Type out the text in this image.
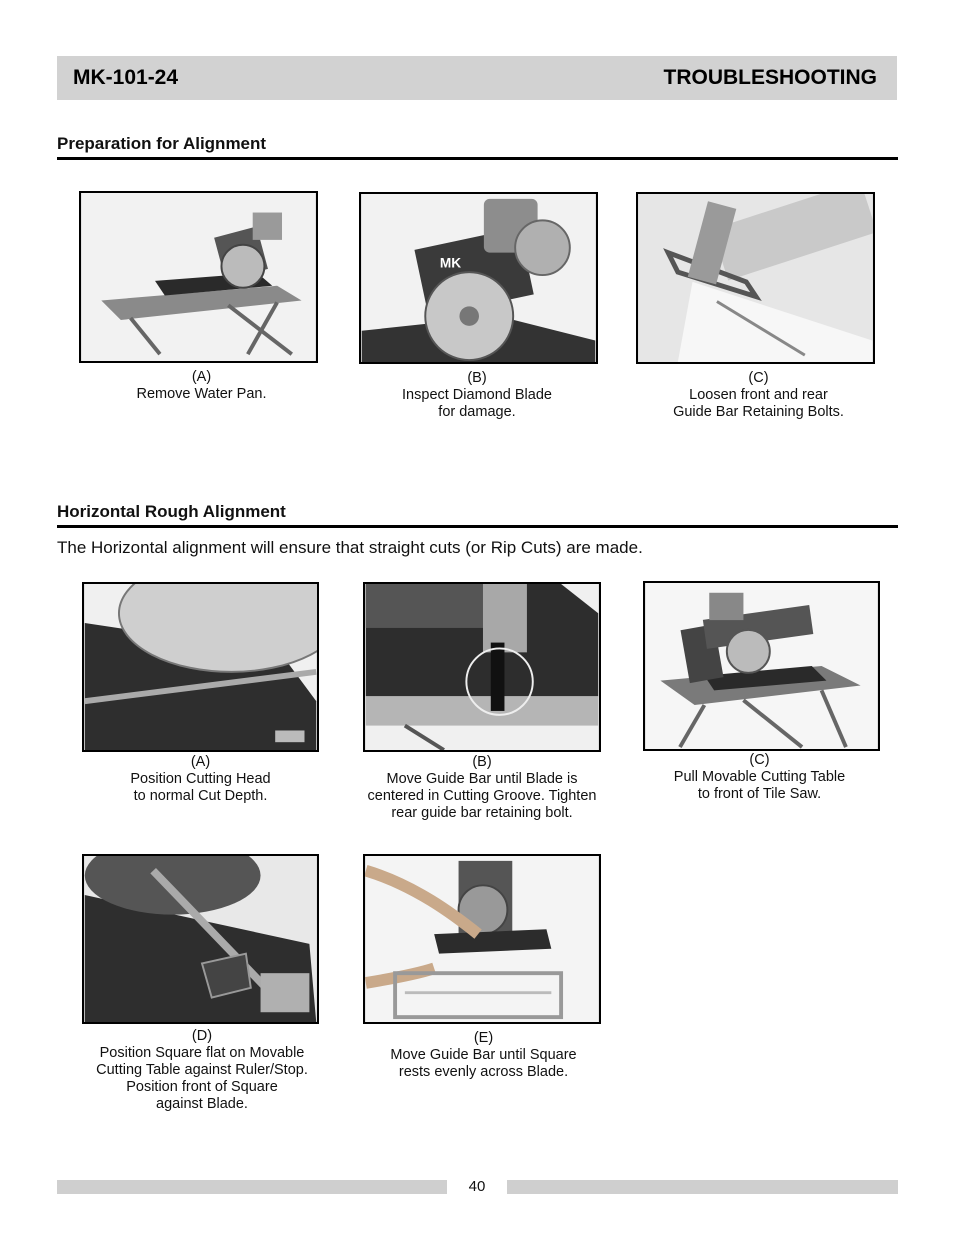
MK-101-24	TROUBLESHOOTING
Preparation for Alignment
MK
(A)
Remove Water Pan.
(B)
Inspect Diamond Blade
for damage.
(C)
Loosen front and rear
Guide Bar Retaining Bolts.
Horizontal Rough Alignment
The Horizontal alignment will ensure that straight cuts (or Rip Cuts) are made.
(A)
Position Cutting Head
to normal Cut Depth.
(B)
Move Guide Bar until Blade is
centered in Cutting Groove. Tighten
rear guide bar retaining bolt.
(C)
Pull Movable Cutting Table
to front of Tile Saw.
(D)
Position Square flat on Movable
Cutting Table against Ruler/Stop.
Position front of Square
against Blade.
(E)
Move Guide Bar until Square
rests evenly across Blade.
40
